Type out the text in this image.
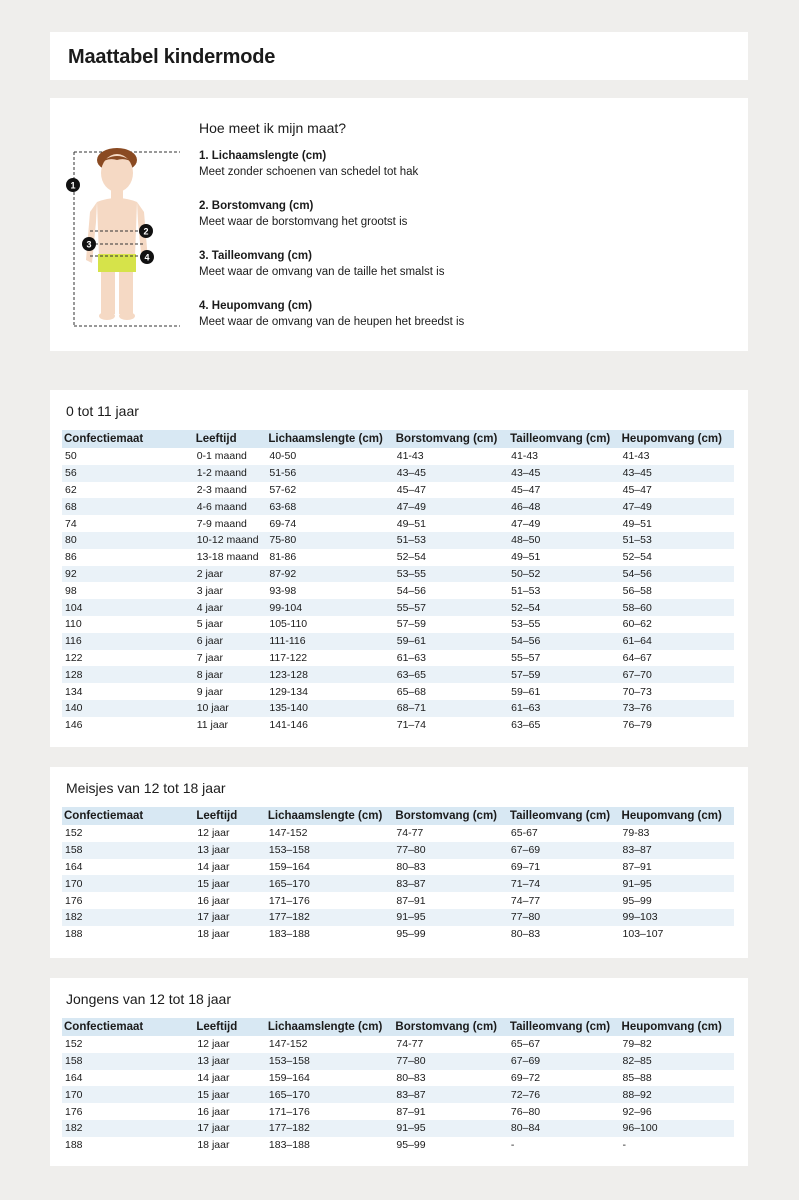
Maattabel kindermode
1
2
3
4

Hoe meet ik mijn maat?

1. Lichaamslengte (cm)
Meet zonder schoenen van schedel tot hak
2. Borstomvang (cm)
Meet waar de borstomvang het grootst is
3. Tailleomvang (cm)
Meet waar de omvang van de taille het smalst is
4. Heupomvang (cm)
Meet waar de omvang van de heupen het breedst is
0 tot 11 jaar
Confectiemaat	Leeftijd	Lichaamslengte (cm)	Borstomvang (cm)	Tailleomvang (cm)	Heupomvang (cm)
50	0-1 maand	40-50	41-43	41-43	41-43
56	1-2 maand	51-56	43–45	43–45	43–45
62	2-3 maand	57-62	45–47	45–47	45–47
68	4-6 maand	63-68	47–49	46–48	47–49
74	7-9 maand	69-74	49–51	47–49	49–51
80	10-12 maand	75-80	51–53	48–50	51–53
86	13-18 maand	81-86	52–54	49–51	52–54
92	2 jaar	87-92	53–55	50–52	54–56
98	3 jaar	93-98	54–56	51–53	56–58
104	4 jaar	99-104	55–57	52–54	58–60
110	5 jaar	105-110	57–59	53–55	60–62
116	6 jaar	111-116	59–61	54–56	61–64
122	7 jaar	117-122	61–63	55–57	64–67
128	8 jaar	123-128	63–65	57–59	67–70
134	9 jaar	129-134	65–68	59–61	70–73
140	10 jaar	135-140	68–71	61–63	73–76
146	11 jaar	141-146	71–74	63–65	76–79
Meisjes van 12 tot 18 jaar
Confectiemaat	Leeftijd	Lichaamslengte (cm)	Borstomvang (cm)	Tailleomvang (cm)	Heupomvang (cm)
152	12 jaar	147-152	74-77	65-67	79-83
158	13 jaar	153–158	77–80	67–69	83–87
164	14 jaar	159–164	80–83	69–71	87–91
170	15 jaar	165–170	83–87	71–74	91–95
176	16 jaar	171–176	87–91	74–77	95–99
182	17 jaar	177–182	91–95	77–80	99–103
188	18 jaar	183–188	95–99	80–83	103–107
Jongens van 12 tot 18 jaar
Confectiemaat	Leeftijd	Lichaamslengte (cm)	Borstomvang (cm)	Tailleomvang (cm)	Heupomvang (cm)
152	12 jaar	147-152	74-77	65–67	79–82
158	13 jaar	153–158	77–80	67–69	82–85
164	14 jaar	159–164	80–83	69–72	85–88
170	15 jaar	165–170	83–87	72–76	88–92
176	16 jaar	171–176	87–91	76–80	92–96
182	17 jaar	177–182	91–95	80–84	96–100
188	18 jaar	183–188	95–99	-	-
